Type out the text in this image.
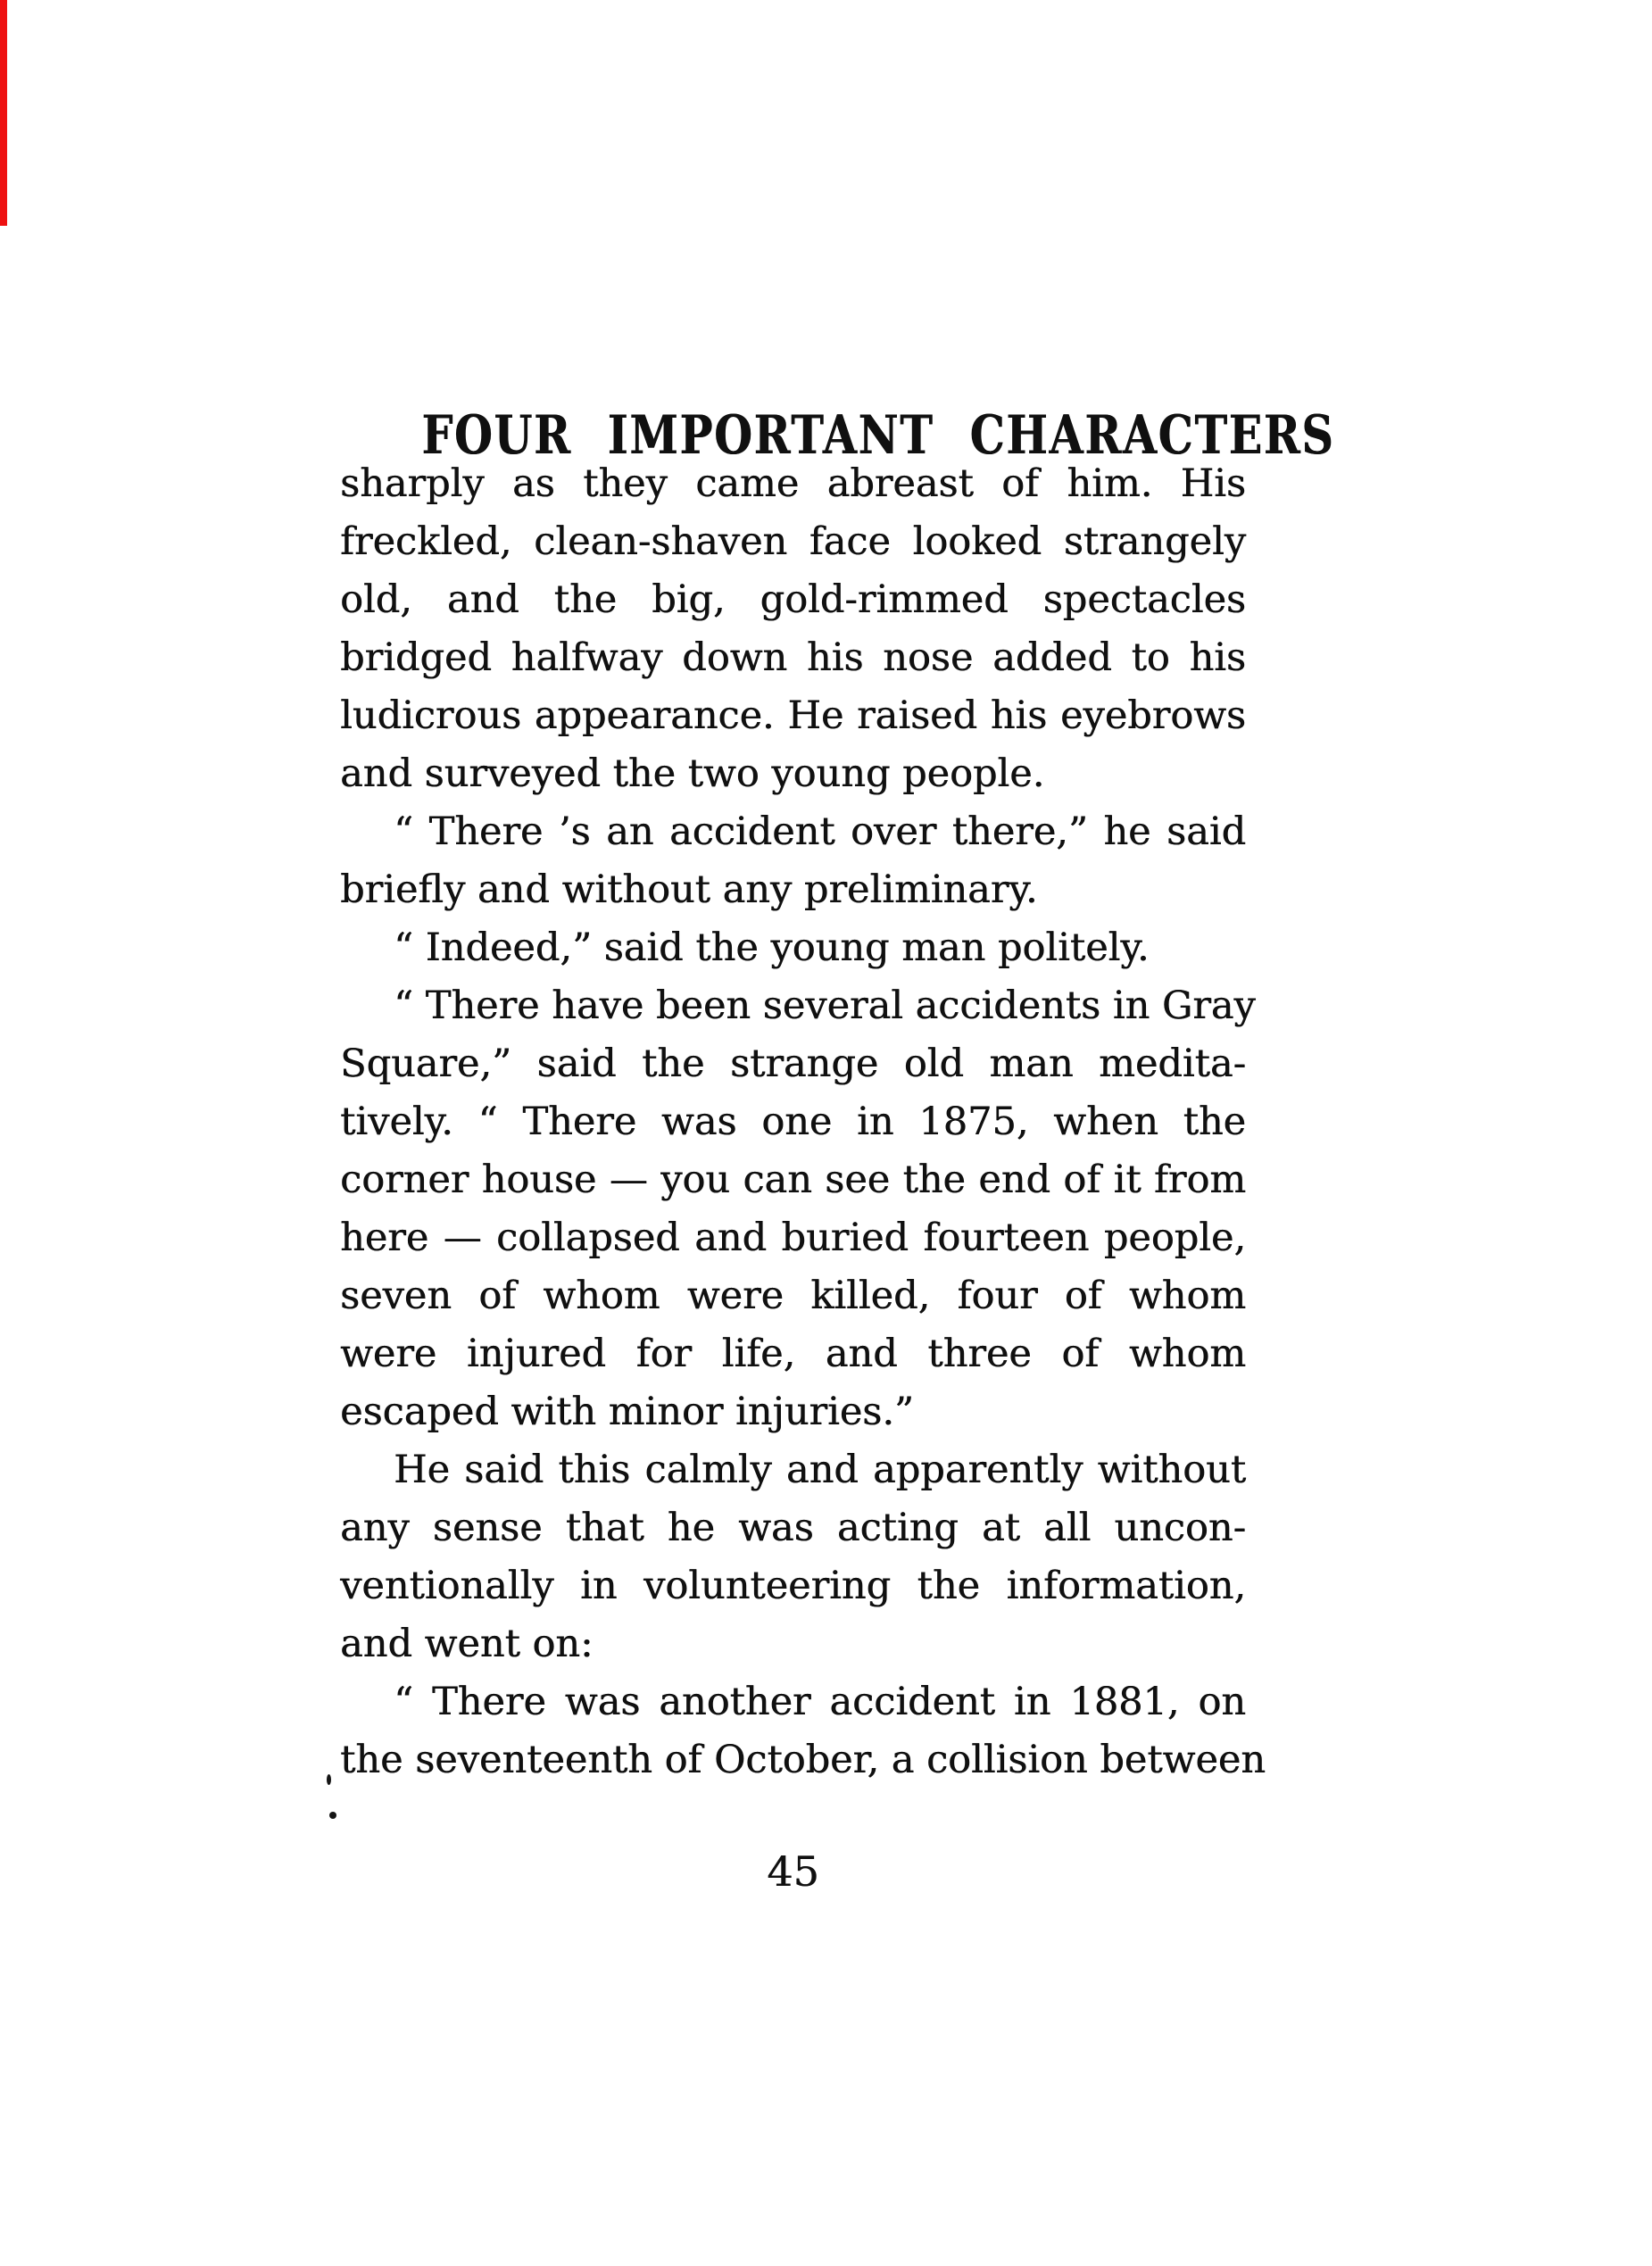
FOUR IMPORTANT CHARACTERS
sharply as they came abreast of him. His
freckled, clean-shaven face looked strangely
old, and the big, gold-rimmed spectacles
bridged halfway down his nose added to his
ludicrous appearance. He raised his eyebrows
and surveyed the two young people.
“ There ’s an accident over there,” he said
briefly and without any preliminary.
“ Indeed,” said the young man politely.
“ There have been several accidents in Gray
Square,” said the strange old man medita-
tively. “ There was one in 1875, when the
corner house — you can see the end of it from
here — collapsed and buried fourteen people,
seven of whom were killed, four of whom
were injured for life, and three of whom
escaped with minor injuries.”
He said this calmly and apparently without
any sense that he was acting at all uncon-
ventionally in volunteering the information,
and went on:
“ There was another accident in 1881, on
the seventeenth of October, a collision between
45
